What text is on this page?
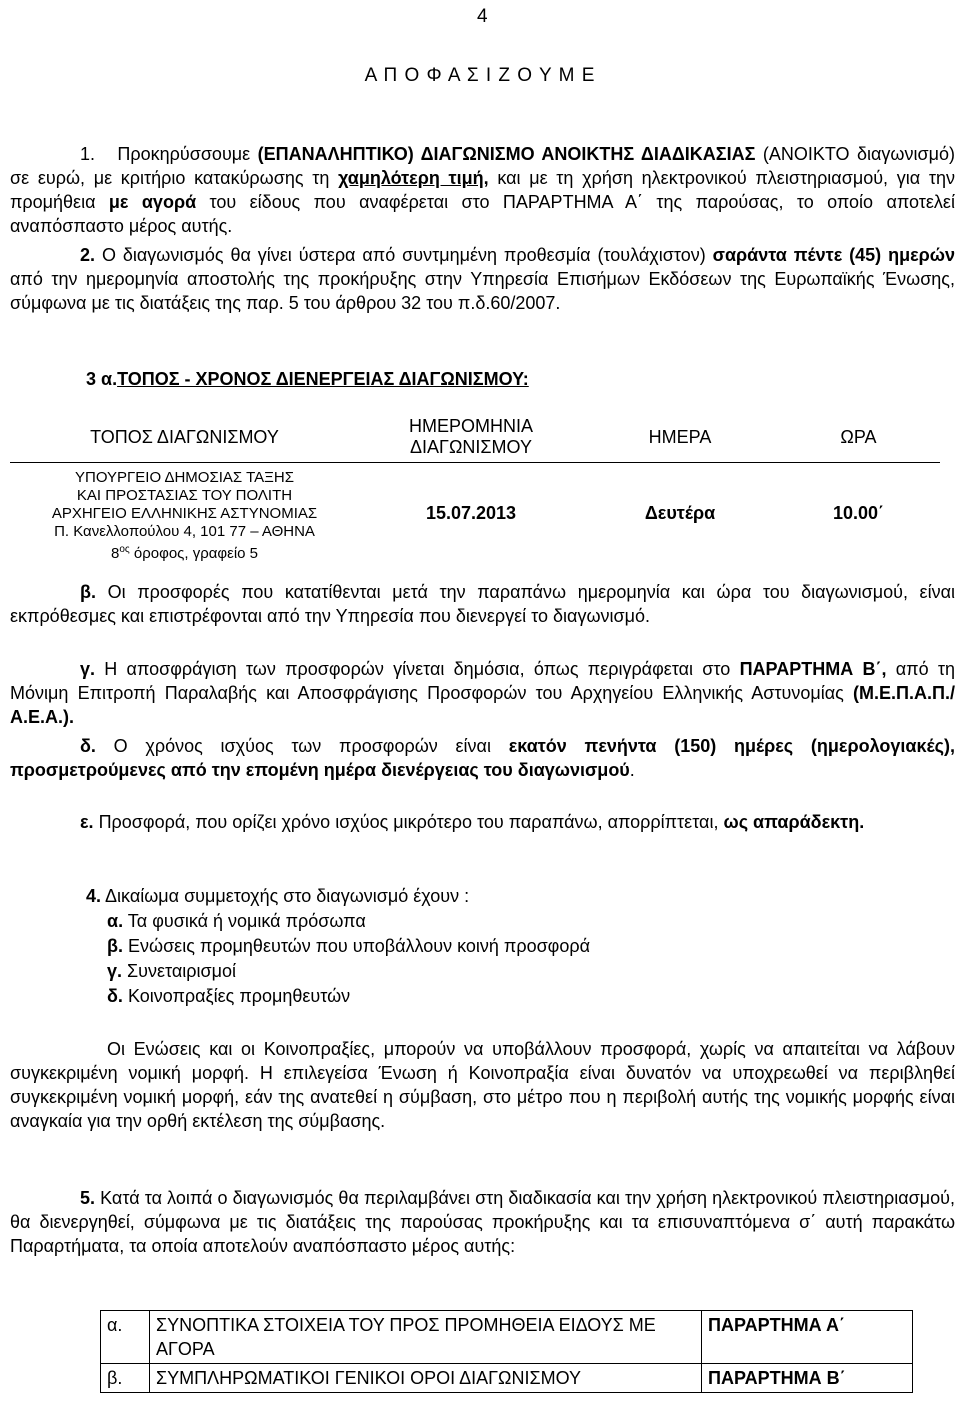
4
Α Π Ο Φ Α Σ Ι Ζ Ο Υ Μ Ε
1. Προκηρύσσουμε (ΕΠΑΝΑΛΗΠΤΙΚΟ) ΔΙΑΓΩΝΙΣΜΟ ΑΝΟΙΚΤΗΣ ΔΙΑΔΙΚΑΣΙΑΣ (ΑΝΟΙΚΤΟ διαγωνισμό) σε ευρώ, με κριτήριο κατακύρωσης τη χαμηλότερη τιμή, και με τη χρήση ηλεκτρονικού πλειστηριασμού, για την προμήθεια με αγορά του είδους που αναφέρεται στο ΠΑΡΑΡΤΗΜΑ Α΄ της παρούσας, το οποίο αποτελεί αναπόσπαστο μέρος αυτής.
2. Ο διαγωνισμός θα γίνει ύστερα από συντμημένη προθεσμία (τουλάχιστον) σαράντα πέντε (45) ημερών από την ημερομηνία αποστολής της προκήρυξης στην Υπηρεσία Επισήμων Εκδόσεων της Ευρωπαϊκής Ένωσης, σύμφωνα με τις διατάξεις της παρ. 5 του άρθρου 32 του π.δ.60/2007.
3 α.ΤΟΠΟΣ - ΧΡΟΝΟΣ ΔΙΕΝΕΡΓΕΙΑΣ ΔΙΑΓΩΝΙΣΜΟΥ:
ΤΟΠΟΣ ΔΙΑΓΩΝΙΣΜΟΥ	ΗΜΕΡΟΜΗΝΙΑ ΔΙΑΓΩΝΙΣΜΟΥ	ΗΜΕΡΑ	ΩΡΑ

ΥΠΟΥΡΓΕΙΟ ΔΗΜΟΣΙΑΣ ΤΑΞΗΣ
ΚΑΙ ΠΡΟΣΤΑΣΙΑΣ ΤΟΥ ΠΟΛΙΤΗ
ΑΡΧΗΓΕΙΟ ΕΛΛΗΝΙΚΗΣ ΑΣΤΥΝΟΜΙΑΣ
Π. Κανελλοπούλου 4, 101 77 – ΑΘΗΝΑ
$8^{o\varsigma}$ όροφος, γραφείο 5	15.07.2013	Δευτέρα	10.00΄
β. Οι προσφορές που κατατίθενται μετά την παραπάνω ημερομηνία και ώρα του διαγωνισμού, είναι εκπρόθεσμες και επιστρέφονται από την Υπηρεσία που διενεργεί το διαγωνισμό.
γ. Η αποσφράγιση των προσφορών γίνεται δημόσια, όπως περιγράφεται στο ΠΑΡΑΡΤΗΜΑ Β΄, από τη Μόνιμη Επιτροπή Παραλαβής και Αποσφράγισης Προσφορών του Αρχηγείου Ελληνικής Αστυνομίας (Μ.Ε.Π.Α.Π./Α.Ε.Α.).
δ. Ο χρόνος ισχύος των προσφορών είναι εκατόν πενήντα (150) ημέρες (ημερολογιακές), προσμετρούμενες από την επομένη ημέρα διενέργειας του διαγωνισμού.
ε. Προσφορά, που ορίζει χρόνο ισχύος μικρότερο του παραπάνω, απορρίπτεται, ως απαράδεκτη.
4. Δικαίωμα συμμετοχής στο διαγωνισμό έχουν :
α. Τα φυσικά ή νομικά πρόσωπα
β. Ενώσεις προμηθευτών που υποβάλλουν κοινή προσφορά
γ. Συνεταιρισμοί
δ. Κοινοπραξίες προμηθευτών
Οι Ενώσεις και οι Κοινοπραξίες, μπορούν να υποβάλλουν προσφορά, χωρίς να απαιτείται να λάβουν συγκεκριμένη νομική μορφή. Η επιλεγείσα Ένωση ή Κοινοπραξία είναι δυνατόν να υποχρεωθεί να περιβληθεί συγκεκριμένη νομική μορφή, εάν της ανατεθεί η σύμβαση, στο μέτρο που η περιβολή αυτής της νομικής μορφής είναι αναγκαία για την ορθή εκτέλεση της σύμβασης.
5. Κατά τα λοιπά ο διαγωνισμός θα περιλαμβάνει στη διαδικασία και την χρήση ηλεκτρονικού πλειστηριασμού, θα διενεργηθεί, σύμφωνα με τις διατάξεις της παρούσας προκήρυξης και τα επισυναπτόμενα σ΄ αυτή παρακάτω Παραρτήματα, τα οποία αποτελούν αναπόσπαστο μέρος αυτής:
α.	ΣΥΝΟΠΤΙΚΑ ΣΤΟΙΧΕΙΑ ΤΟΥ ΠΡΟΣ ΠΡΟΜΗΘΕΙΑ ΕΙΔΟΥΣ ΜΕ ΑΓΟΡΑ	ΠΑΡΑΡΤΗΜΑ Α΄
β.	ΣΥΜΠΛΗΡΩΜΑΤΙΚΟΙ ΓΕΝΙΚΟΙ ΟΡΟΙ ΔΙΑΓΩΝΙΣΜΟΥ	ΠΑΡΑΡΤΗΜΑ Β΄
